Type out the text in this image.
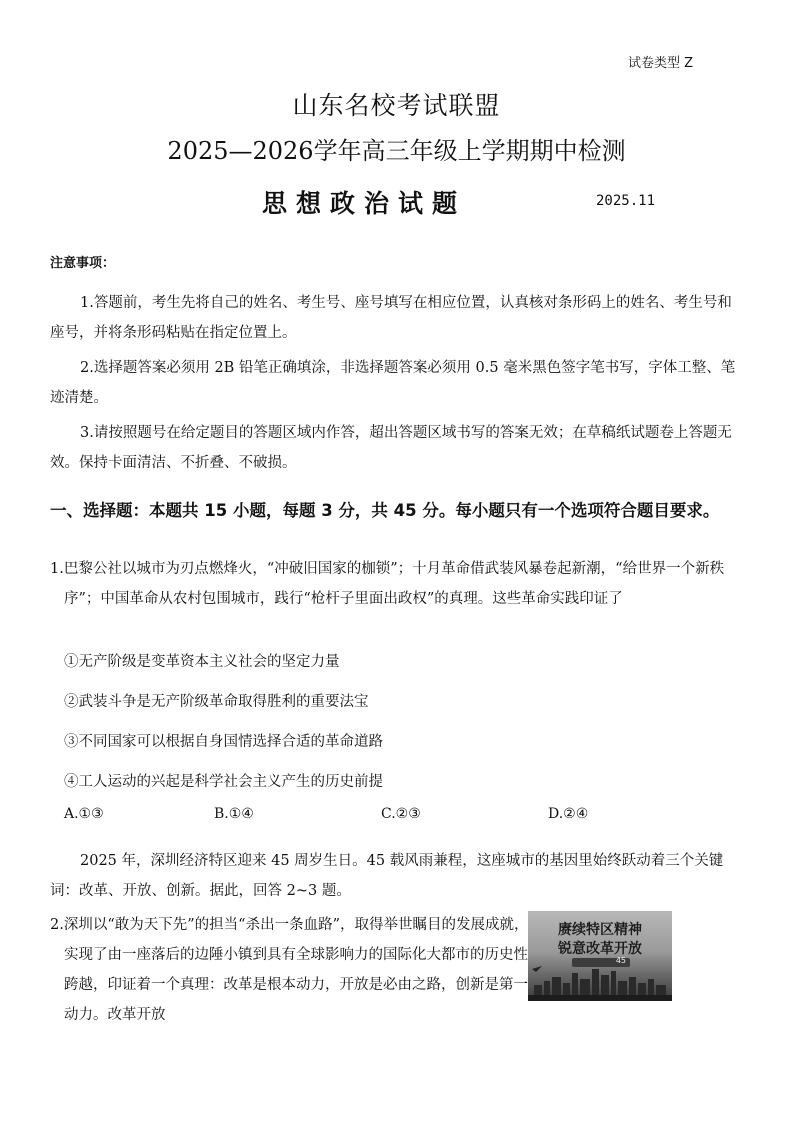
试卷类型 Z
山东名校考试联盟
2025—2026学年高三年级上学期期中检测
思想政治试题	2025.11
注意事项：
1.答题前，考生先将自己的姓名、考生号、座号填写在相应位置，认真核对条形码上的姓名、考生号和座号，并将条形码粘贴在指定位置上。
2.选择题答案必须用 2B 铅笔正确填涂，非选择题答案必须用 0.5 毫米黑色签字笔书写，字体工整、笔迹清楚。
3.请按照题号在给定题目的答题区域内作答，超出答题区域书写的答案无效；在草稿纸试题卷上答题无效。保持卡面清洁、不折叠、不破损。
一、选择题：本题共 15 小题，每题 3 分，共 45 分。每小题只有一个选项符合题目要求。
1.巴黎公社以城市为刃点燃烽火，“冲破旧国家的枷锁”；十月革命借武装风暴卷起新潮，“给世界一个新秩序”；中国革命从农村包围城市，践行“枪杆子里面出政权”的真理。这些革命实践印证了
①无产阶级是变革资本主义社会的坚定力量
②武装斗争是无产阶级革命取得胜利的重要法宝
③不同国家可以根据自身国情选择合适的革命道路
④工人运动的兴起是科学社会主义产生的历史前提
A.①③	B.①④	C.②③	D.②④
2025 年，深圳经济特区迎来 45 周岁生日。45 载风雨兼程，这座城市的基因里始终跃动着三个关键词：改革、开放、创新。据此，回答 2~3 题。
2.深圳以“敢为天下先”的担当“杀出一条血路”，取得举世瞩目的发展成就，实现了由一座落后的边陲小镇到具有全球影响力的国际化大都市的历史性跨越，印证着一个真理：改革是根本动力，开放是必由之路，创新是第一动力。改革开放
赓续特区精神
锐意改革开放
45
